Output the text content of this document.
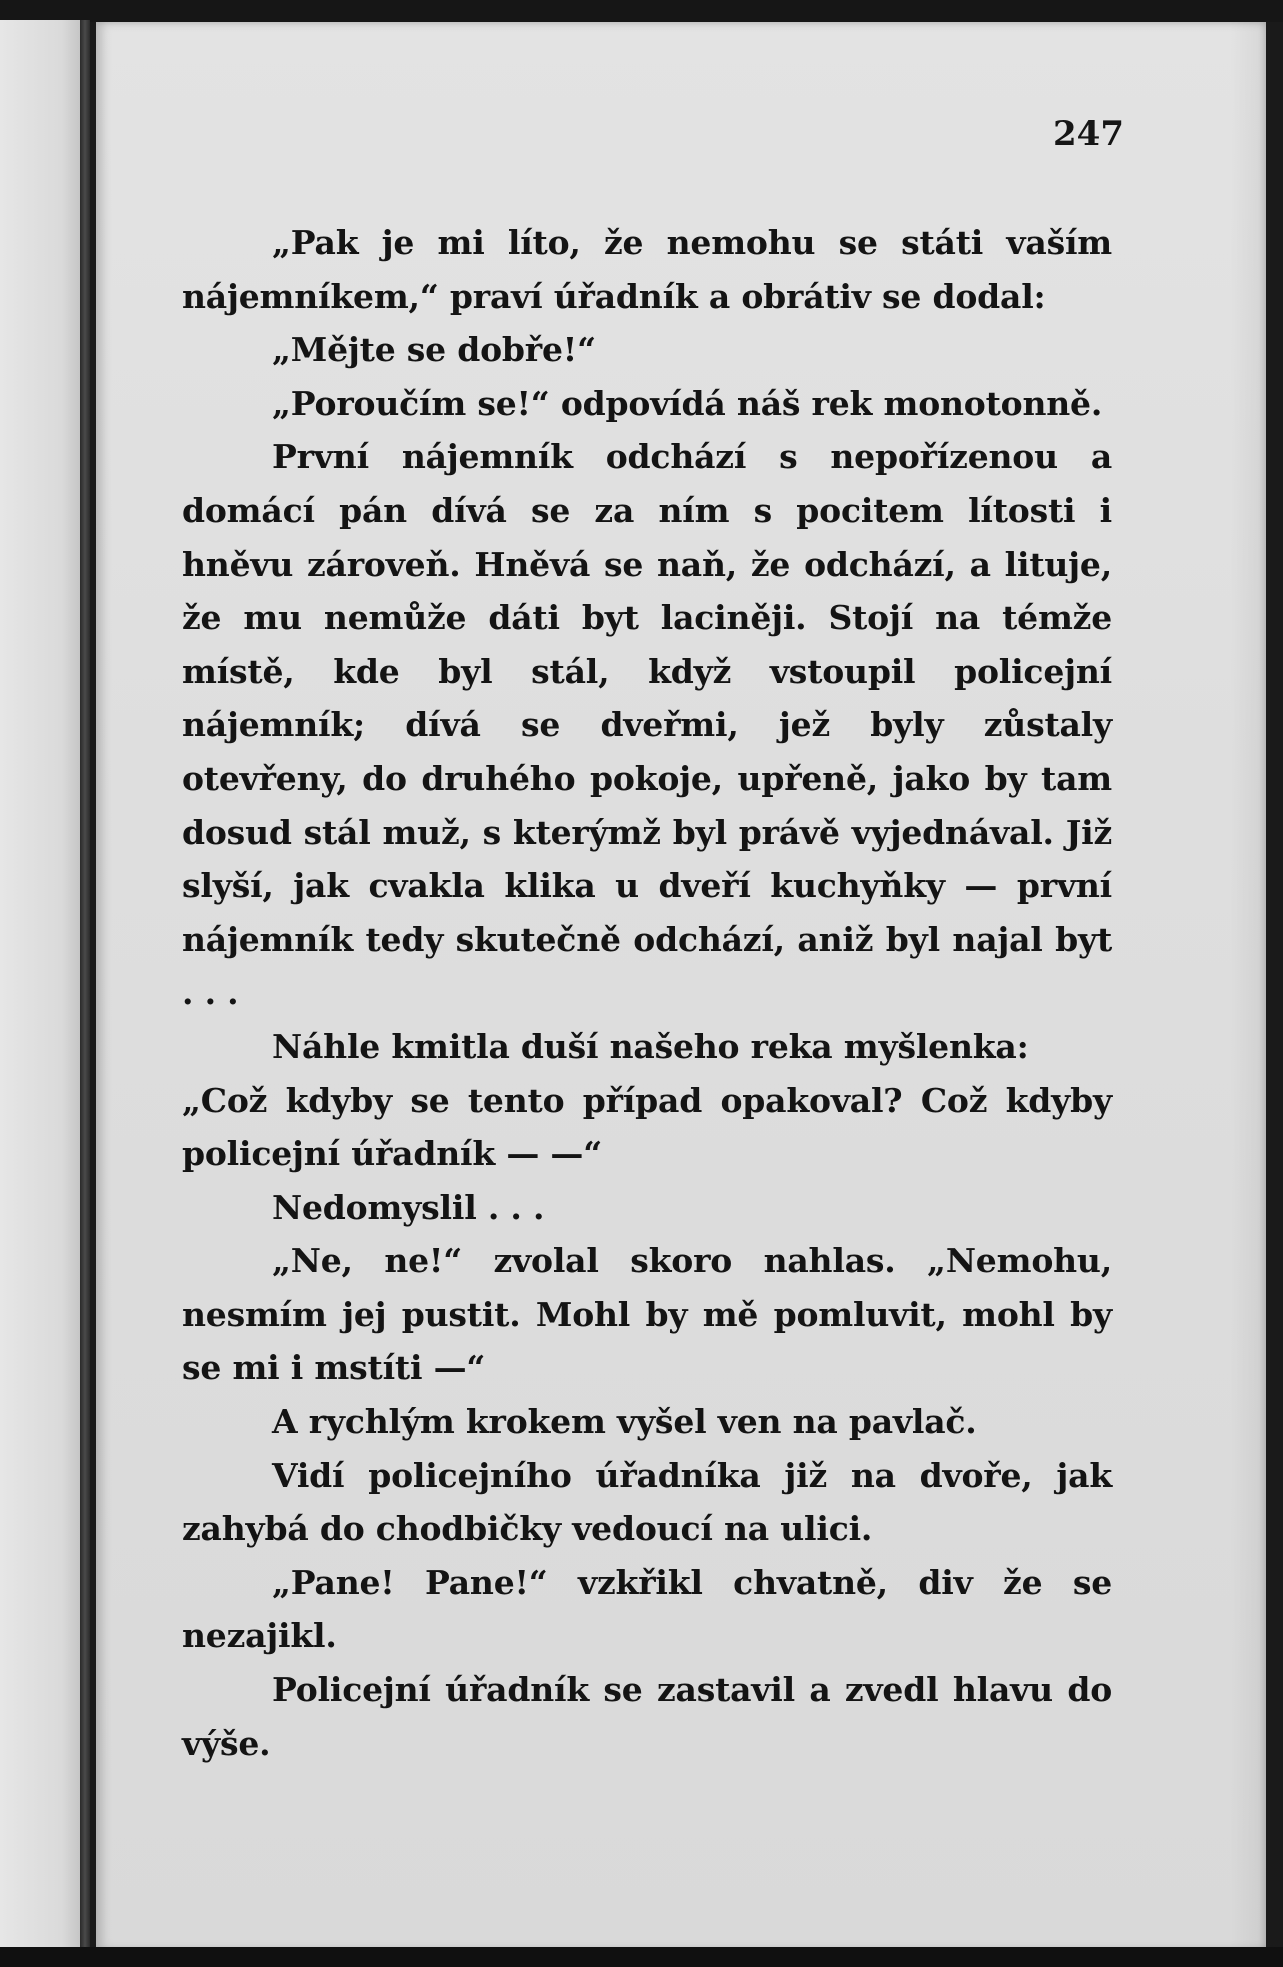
247

„Pak je mi líto, že nemohu se státi vaším nájemníkem,“ praví úřadník a obrátiv se dodal:

„Mějte se dobře!“

„Poroučím se!“ odpovídá náš rek monotonně.

První nájemník odchází s nepořízenou a domácí pán dívá se za ním s pocitem lítosti i hněvu zároveň. Hněvá se naň, že odchází, a lituje, že mu nemůže dáti byt laciněji. Stojí na témže místě, kde byl stál, když vstoupil policejní nájemník; dívá se dveřmi, jež byly zůstaly otevřeny, do druhého pokoje, upřeně, jako by tam dosud stál muž, s kterýmž byl právě vyjednával. Již slyší, jak cvakla klika u dveří kuchyňky — první nájemník tedy skutečně odchází, aniž byl najal byt . . .

Náhle kmitla duší našeho reka myšlenka:

„Což kdyby se tento případ opakoval? Což kdyby policejní úřadník — —“

Nedomyslil . . .

„Ne, ne!“ zvolal skoro nahlas. „Nemohu, nesmím jej pustit. Mohl by mě pomluvit, mohl by se mi i mstíti —“

A rychlým krokem vyšel ven na pavlač.

Vidí policejního úřadníka již na dvoře, jak zahybá do chodbičky vedoucí na ulici.

„Pane! Pane!“ vzkřikl chvatně, div že se nezajikl.

Policejní úřadník se zastavil a zvedl hlavu do výše.
